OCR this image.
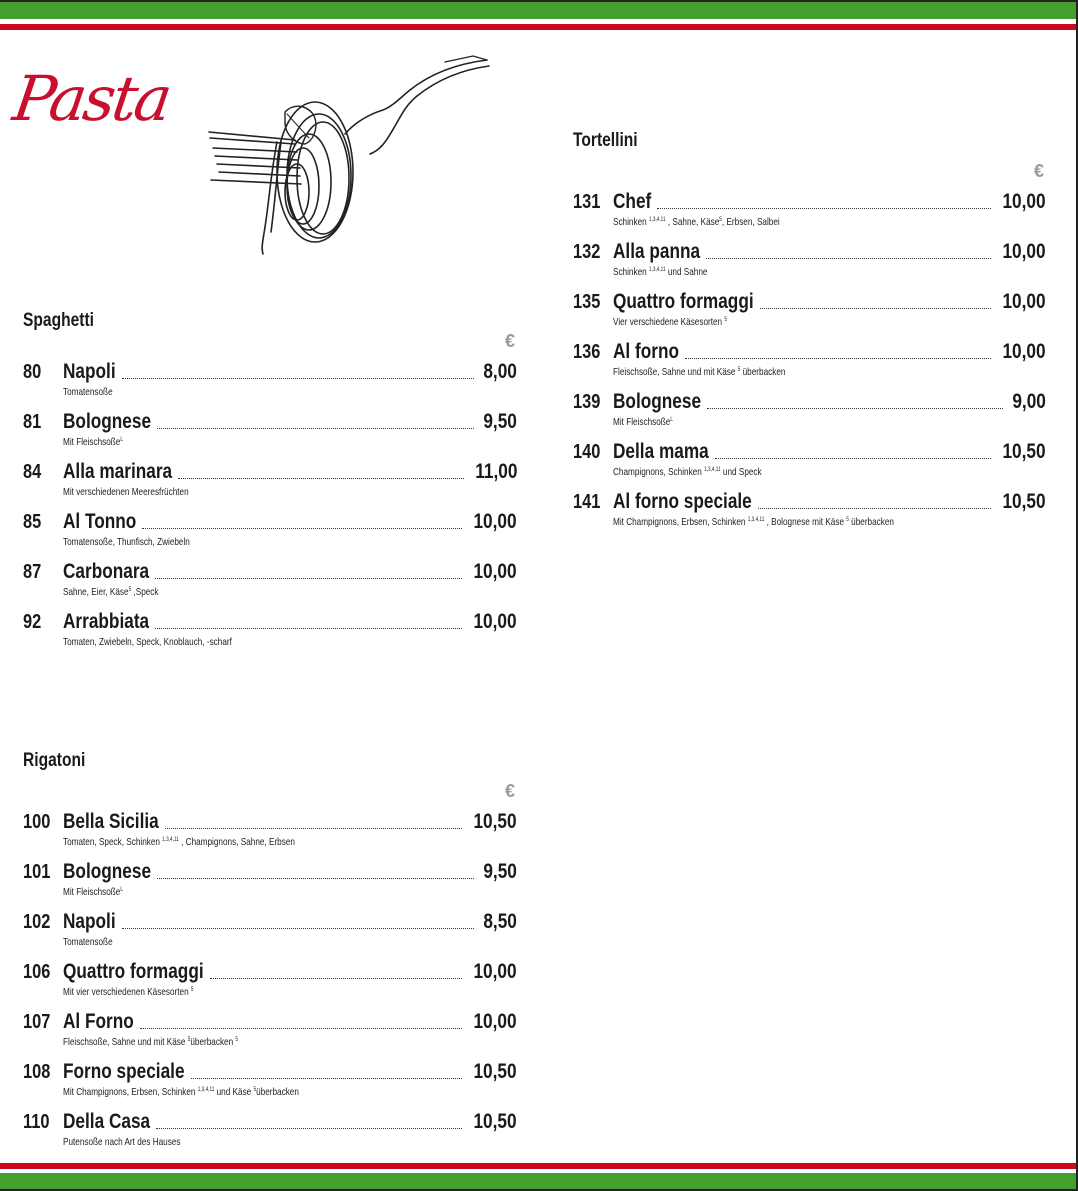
Pasta
Spaghetti
€
80 Napoli	8,00
Tomatensoße
81 Bolognese	9,50
Mit Fleischsoße$^L$
84 Alla marinara	11,00
Mit verschiedenen Meeresfrüchten
85 Al Tonno	10,00
Tomatensoße, Thunfisch, Zwiebeln
87 Carbonara	10,00
Sahne, Eier, Käse$^5$ ,Speck
92 Arrabbiata	10,00
Tomaten, Zwiebeln, Speck, Knoblauch, -scharf
Rigatoni
€
100 Bella Sicilia	10,50
Tomaten, Speck, Schinken $^{1,3,4,11}$ , Champignons, Sahne, Erbsen
101 Bolognese	9,50
Mit Fleischsoße$^L$
102 Napoli	8,50
Tomatensoße
106 Quattro formaggi	10,00
Mit vier verschiedenen Käsesorten $^5$
107 Al Forno	10,00
Fleischsoße, Sahne und mit Käse $^5$überbacken $^5$
108 Forno speciale	10,50
Mit Champignons, Erbsen, Schinken $^{1,3,4,11}$ und Käse $^5$überbacken
110 Della Casa	10,50
Putensoße nach Art des Hauses
Tortellini
€
131 Chef	10,00
Schinken $^{1,3,4,11}$ , Sahne, Käse$^5$, Erbsen, Salbei
132 Alla panna	10,00
Schinken $^{1,3,4,11}$ und Sahne
135 Quattro formaggi	10,00
Vier verschiedene Käsesorten $^5$
136 Al forno	10,00
Fleischsoße, Sahne und mit Käse $^5$ überbacken
139 Bolognese	9,00
Mit Fleischsoße$^L$
140 Della mama	10,50
Champignons, Schinken $^{1,3,4,11}$ und Speck
141 Al forno speciale	10,50
Mit Champignons, Erbsen, Schinken $^{1,3,4,11}$ , Bolognese mit Käse $^5$ überbacken
